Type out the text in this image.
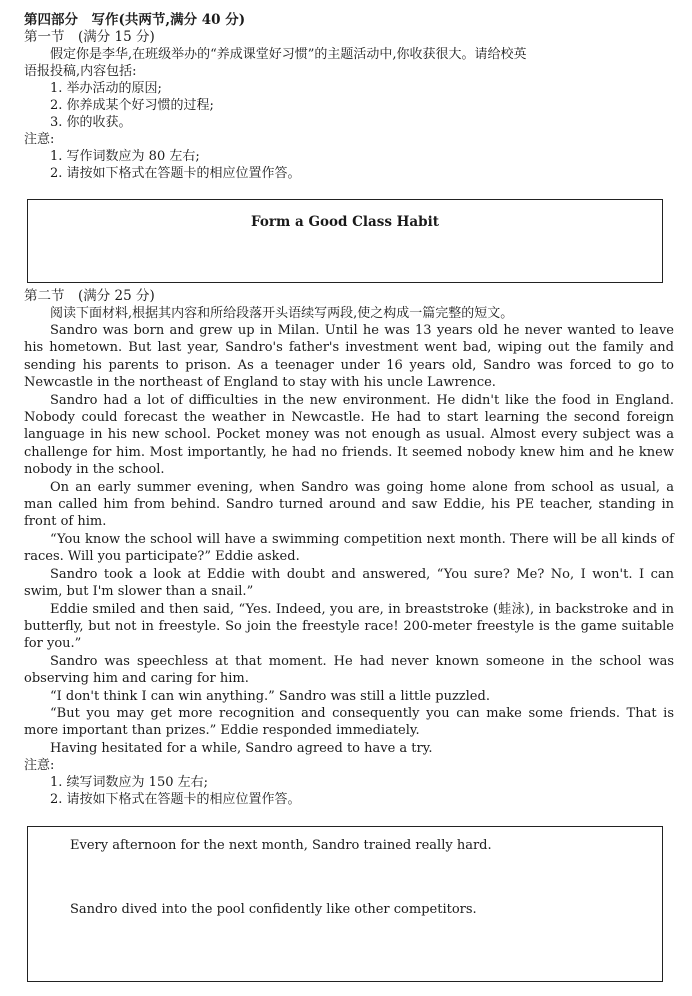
第四部分　写作(共两节,满分 40 分)
第一节　(满分 15 分)

假定你是李华,在班级举办的“养成课堂好习惯”的主题活动中,你收获很大。请给校英

语报投稿,内容包括:

1. 举办活动的原因;

2. 你养成某个好习惯的过程;

3. 你的收获。

注意:

1. 写作词数应为 80 左右;

2. 请按如下格式在答题卡的相应位置作答。

Form a Good Class Habit
第二节　(满分 25 分)

阅读下面材料,根据其内容和所给段落开头语续写两段,使之构成一篇完整的短文。

Sandro was born and grew up in Milan. Until he was 13 years old he never wanted to leave his hometown. But last year, Sandro's father's investment went bad, wiping out the family and sending his parents to prison. As a teenager under 16 years old, Sandro was forced to go to Newcastle in the northeast of England to stay with his uncle Lawrence.

Sandro had a lot of difficulties in the new environment. He didn't like the food in England. Nobody could forecast the weather in Newcastle. He had to start learning the second foreign language in his new school. Pocket money was not enough as usual. Almost every subject was a challenge for him. Most importantly, he had no friends. It seemed nobody knew him and he knew nobody in the school.

On an early summer evening, when Sandro was going home alone from school as usual, a man called him from behind. Sandro turned around and saw Eddie, his PE teacher, standing in front of him.

“You know the school will have a swimming competition next month. There will be all kinds of races. Will you participate?” Eddie asked.

Sandro took a look at Eddie with doubt and answered, “You sure? Me? No, I won't. I can swim, but I'm slower than a snail.”

Eddie smiled and then said, “Yes. Indeed, you are, in breaststroke (蛙泳), in backstroke and in butterfly, but not in freestyle. So join the freestyle race! 200-meter freestyle is the game suitable for you.”

Sandro was speechless at that moment. He had never known someone in the school was observing him and caring for him.

“I don't think I can win anything.” Sandro was still a little puzzled.

“But you may get more recognition and consequently you can make some friends. That is more important than prizes.” Eddie responded immediately.

Having hesitated for a while, Sandro agreed to have a try.

注意:

1. 续写词数应为 150 左右;

2. 请按如下格式在答题卡的相应位置作答。

Every afternoon for the next month, Sandro trained really hard.
Sandro dived into the pool confidently like other competitors.
